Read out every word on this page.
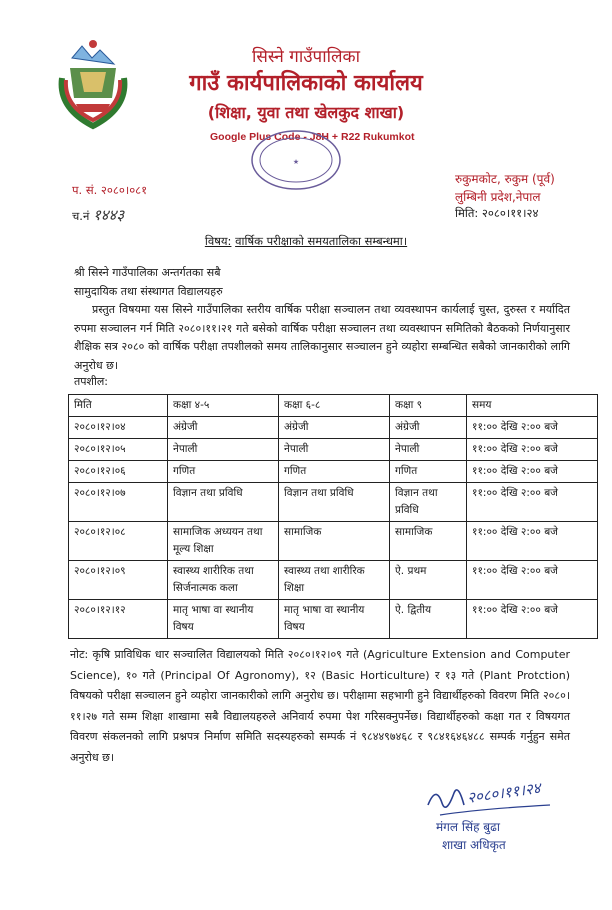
सिस्ने गाउँपालिका
गाउँ कार्यपालिकाको कार्यालय
(शिक्षा, युवा तथा खेलकुद शाखा)
Google Plus Code - J8H + R22 Rukumkot
★
रुकुमकोट, रुकुम (पूर्व)
लुम्बिनी प्रदेश,नेपाल
प. सं. २०८०।०८१
च.नं १४४३	मिति: २०८०।११।२४
विषय: वार्षिक परीक्षाको समयतालिका सम्बन्धमा।
श्री सिस्ने गाउँपालिका अन्तर्गतका सबै
सामुदायिक तथा संस्थागत विद्यालयहरु
प्रस्तुत विषयमा यस सिस्ने गाउँपालिका स्तरीय वार्षिक परीक्षा सञ्चालन तथा व्यवस्थापन कार्यलाई चुस्त, दुरुस्त र मर्यादित रुपमा सञ्चालन गर्न मिति २०८०।११।२१ गते बसेको वार्षिक परीक्षा सञ्चालन तथा व्यवस्थापन समितिको बैठकको निर्णयानुसार शैक्षिक सत्र २०८० को वार्षिक परीक्षा तपशीलको समय तालिकानुसार सञ्चालन हुने व्यहोरा सम्बन्धित सबैको जानकारीको लागि अनुरोध छ।
तपशील:
मिति	कक्षा ४-५	कक्षा ६-८	कक्षा ९	समय
२०८०।१२।०४	अंग्रेजी	अंग्रेजी	अंग्रेजी	११:०० देखि २:०० बजे
२०८०।१२।०५	नेपाली	नेपाली	नेपाली	११:०० देखि २:०० बजे
२०८०।१२।०६	गणित	गणित	गणित	११:०० देखि २:०० बजे
२०८०।१२।०७	विज्ञान तथा प्रविधि	विज्ञान तथा प्रविधि	विज्ञान तथा प्रविधि	११:०० देखि २:०० बजे
२०८०।१२।०८	सामाजिक अध्ययन तथा मूल्य शिक्षा	सामाजिक	सामाजिक	११:०० देखि २:०० बजे
२०८०।१२।०९	स्वास्थ्य शारीरिक तथा सिर्जनात्मक कला	स्वास्थ्य तथा शारीरिक शिक्षा	ऐ. प्रथम	११:०० देखि २:०० बजे
२०८०।१२।१२	मातृ भाषा वा स्थानीय विषय	मातृ भाषा वा स्थानीय विषय	ऐ. द्वितीय	११:०० देखि २:०० बजे
नोट: कृषि प्राविधिक धार सञ्चालित विद्यालयको मिति २०८०।१२।०९ गते (Agriculture Extension and Computer Science), १० गते (Principal Of Agronomy), १२ (Basic Horticulture) र १३ गते (Plant Protction) विषयको परीक्षा सञ्चालन हुने व्यहोरा जानकारीको लागि अनुरोध छ। परीक्षामा सहभागी हुने विद्यार्थीहरुको विवरण मिति २०८०।११।२७ गते सम्म शिक्षा शाखामा सबै विद्यालयहरुले अनिवार्य रुपमा पेश गरिसक्नुपर्नेछ। विद्यार्थीहरुको कक्षा गत र विषयगत विवरण संकलनको लागि प्रश्नपत्र निर्माण समिति सदस्यहरुको सम्पर्क नं ९८४४९७४६८ र ९८४१६४६४८८ सम्पर्क गर्नुहुन समेत अनुरोध छ।
२०८०।११।२४
मंगल सिंह बुढा
शाखा अधिकृत
